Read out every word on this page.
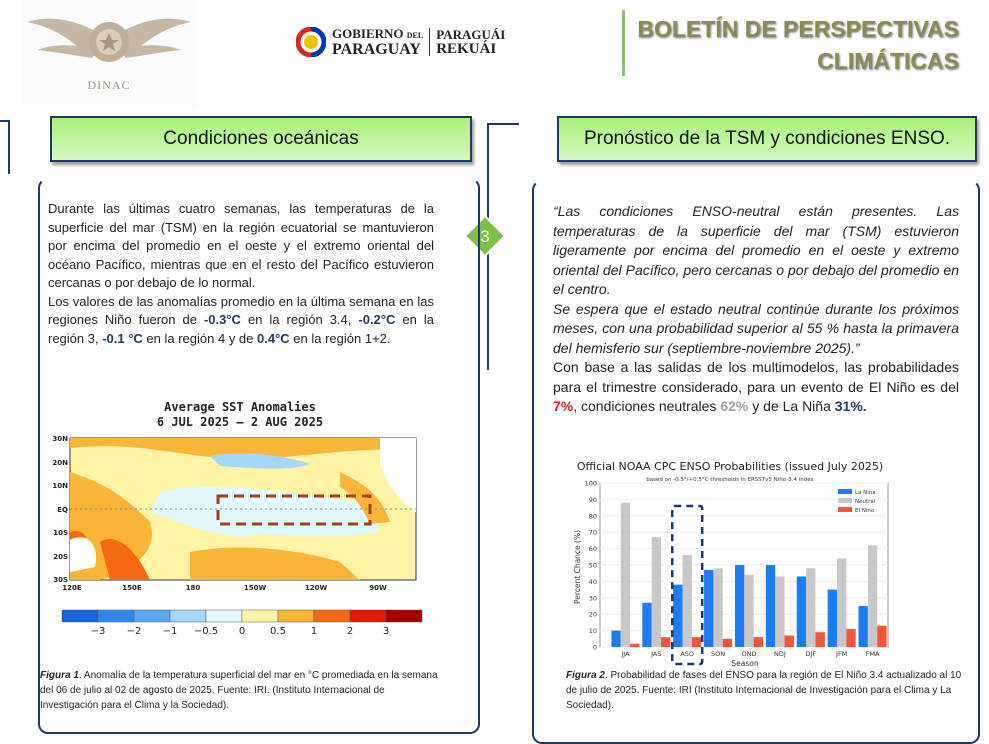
DINAC
GOBIERNO DEL
PARAGUAY
PARAGUÁI
REKUÁI
BOLETÍN DE PERSPECTIVAS
CLIMÁTICAS
3
Condiciones oceánicas
Durante las últimas cuatro semanas, las temperaturas de la superficie del mar (TSM) en la región ecuatorial se mantuvieron por encima del promedio en el oeste y el extremo oriental del océano Pacífico, mientras que en el resto del Pacífico estuvieron cercanas o por debajo de lo normal.
Los valores de las anomalías promedio en la última semana en las regiones Niño fueron de -0.3°C en la región 3.4, -0.2°C en la región 3, -0.1 °C en la región 4 y de 0.4°C en la región 1+2.
Average SST Anomalies
6 JUL 2025 – 2 AUG 2025
30N
20N
10N
EQ
10S
20S
30S
120E	150E	180	150W	120W	90W
−3 −2 −1 −0.5 0 0.5 1	2	3
Figura 1. Anomalía de la temperatura superficial del mar en °C promediada en la semana del 06 de julio al 02 de agosto de 2025. Fuente: IRI. (Instituto Internacional de Investigación para el Clima y la Sociedad).
Pronóstico de la TSM y condiciones ENSO.
“Las condiciones ENSO-neutral están presentes. Las temperaturas de la superficie del mar (TSM) estuvieron ligeramente por encima del promedio en el oeste y extremo oriental del Pacífico, pero cercanas o por debajo del promedio en el centro.
Se espera que el estado neutral continúe durante los próximos meses, con una probabilidad superior al 55 % hasta la primavera del hemisferio sur (septiembre-noviembre 2025).”
Con base a las salidas de los multimodelos, las probabilidades para el trimestre considerado, para un evento de El Niño es del 7%, condiciones neutrales 62% y de La Niña 31%.
Official NOAA CPC ENSO Probabilities (issued July 2025)
based on -0.5°/+0.5°C thresholds in ERSSTv5 Niño-3.4 index
Season
Percent Chance (%)
0
10
20
30
40
50
60
70
80
90
100
JJA	JAS	ASO	SON	OND	NDJ	DJF	JFM	FMA
La Nina
Neutral
El Nino
Figura 2. Probabilidad de fases del ENSO para la región de El Niño 3.4 actualizado al 10 de julio de 2025. Fuente: IRI (Instituto Internacional de Investigación para el Clima y La Sociedad).
